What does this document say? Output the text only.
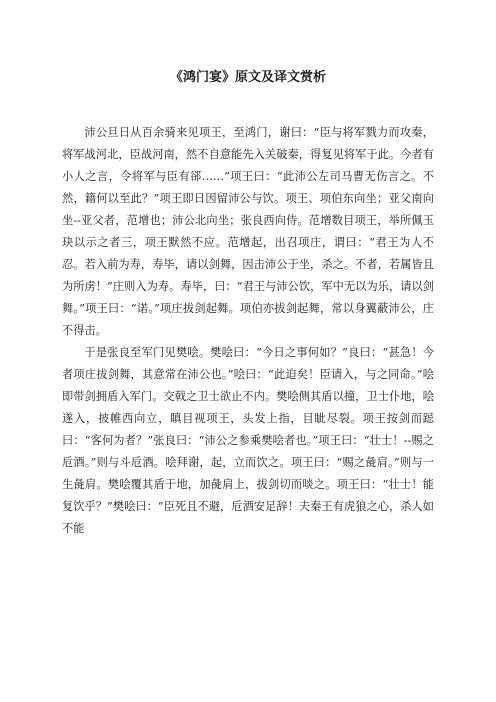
《鸿门宴》原文及译文赏析

沛公旦日从百余骑来见项王，至鸿门，谢曰：“臣与将军戮力而攻秦，将军战河北，臣战河南，然不自意能先入关破秦，得复见将军于此。今者有小人之言，令将军与臣有郤……”项王曰：“此沛公左司马曹无伤言之。不然，籍何以至此？”项王即日因留沛公与饮。项王、项伯东向坐；亚父南向坐--亚父者，范增也；沛公北向坐；张良西向侍。范增数目项王，举所佩玉玦以示之者三，项王默然不应。范增起，出召项庄，谓曰：“君王为人不忍。若入前为寿，寿毕，请以剑舞，因击沛公于坐，杀之。不者，若属皆且为所虏！”庄则入为寿。寿毕，曰：“君王与沛公饮，军中无以为乐，请以剑舞。”项王曰：“诺。”项庄拔剑起舞。项伯亦拔剑起舞，常以身翼蔽沛公，庄不得击。

于是张良至军门见樊哙。樊哙曰：“今日之事何如？”良曰：“甚急！今者项庄拔剑舞，其意常在沛公也。”哙曰：“此迫矣！臣请入，与之同命。”哙即带剑拥盾入军门。交戟之卫士欲止不内。樊哙侧其盾以撞，卫士仆地，哙遂入，披帷西向立，瞋目视项王，头发上指，目眦尽裂。项王按剑而跽曰：“客何为者？”张良曰：“沛公之参乘樊哙者也。”项王曰：“壮士！--赐之卮酒。”则与斗卮酒。哙拜谢，起，立而饮之。项王曰：“赐之彘肩。”则与一生彘肩。樊哙覆其盾于地，加彘肩上，拔剑切而啖之。项王曰：“壮士！能复饮乎？”樊哙曰：“臣死且不避，卮酒安足辞！夫秦王有虎狼之心，杀人如不能
